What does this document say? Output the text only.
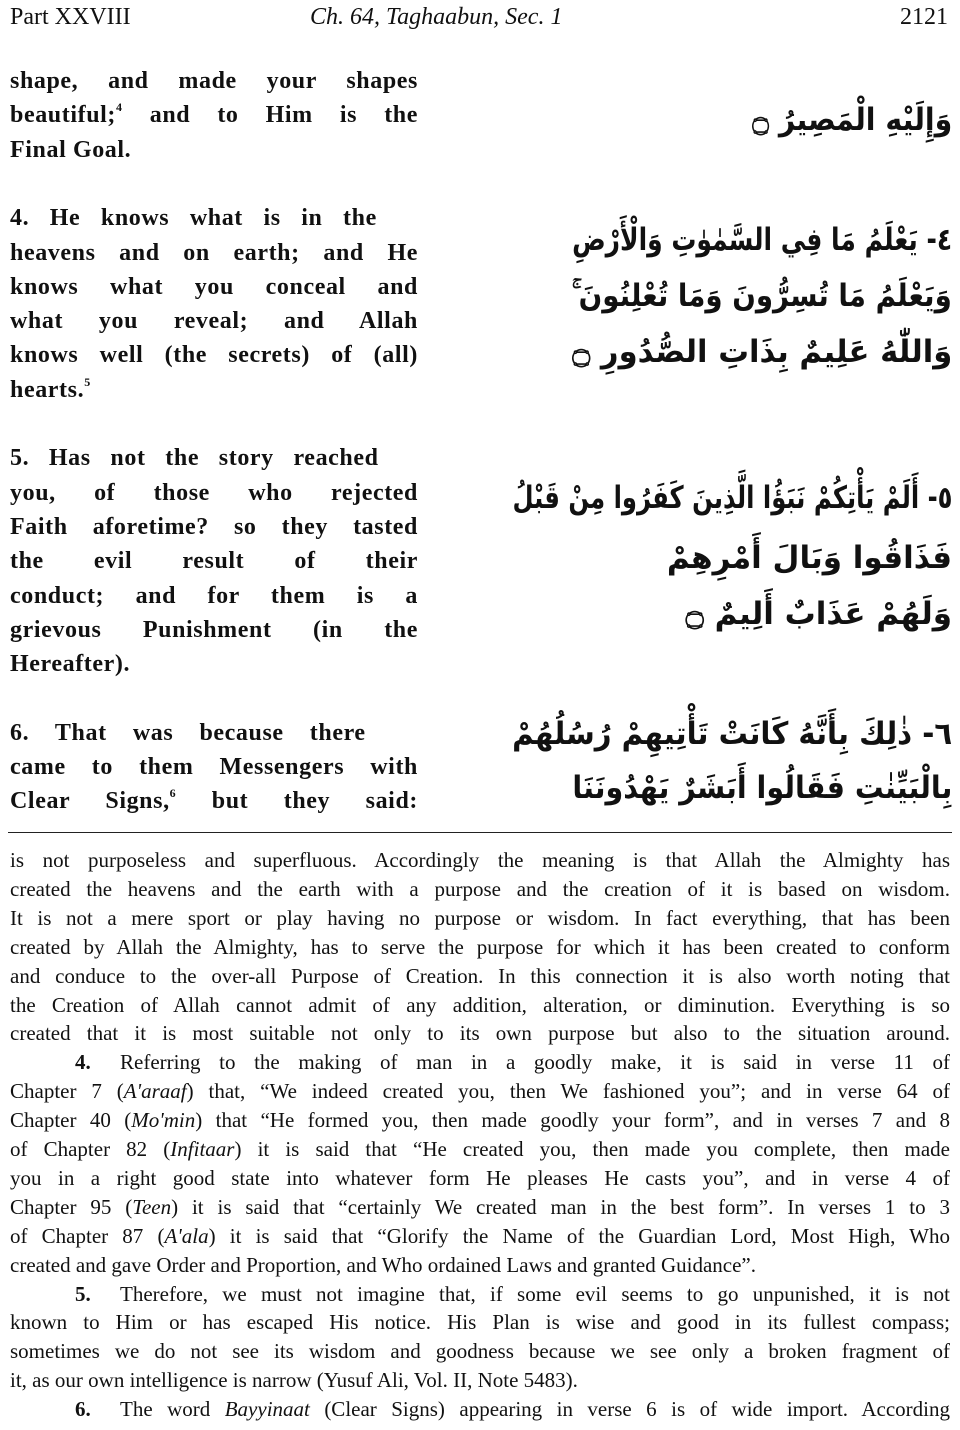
Part XXVIII	Ch. 64, Taghaabun, Sec. 1	2121
shape, and made your shapes
beautiful;$^4$ and to Him is the
Final Goal.
4. He knows what is in the
heavens and on earth; and He
knows what you conceal and
what you reveal; and Allah
knows well (the secrets) of (all)
hearts.$^5$
5. Has not the story reached
you, of those who rejected
Faith aforetime? so they tasted
the evil result of their
conduct; and for them is a
grievous Punishment (in the
Hereafter).
6. That was because there
came to them Messengers with
Clear Signs,$^6$ but they said:
وَإِلَيْهِ الْمَصِيرُ ۝
٤- يَعْلَمُ مَا فِي السَّمٰوٰتِ وَالْأَرْضِ
وَيَعْلَمُ مَا تُسِرُّونَ وَمَا تُعْلِنُونَ ۚ
وَاللّٰهُ عَلِيمٌ بِذَاتِ الصُّدُورِ ۝
٥- أَلَمْ يَأْتِكُمْ نَبَؤُا الَّذِينَ كَفَرُوا مِنْ قَبْلُ
فَذَاقُوا وَبَالَ أَمْرِهِمْ
وَلَهُمْ عَذَابٌ أَلِيمٌ ۝
٦- ذٰلِكَ بِأَنَّهُ كَانَتْ تَأْتِيهِمْ رُسُلُهُمْ
بِالْبَيِّنٰتِ فَقَالُوا أَبَشَرٌ يَهْدُونَنَا
is not purposeless and superfluous. Accordingly the meaning is that Allah the Almighty has
created the heavens and the earth with a purpose and the creation of it is based on wisdom.
It is not a mere sport or play having no purpose or wisdom. In fact everything, that has been
created by Allah the Almighty, has to serve the purpose for which it has been created to conform
and conduce to the over-all Purpose of Creation. In this connection it is also worth noting that
the Creation of Allah cannot admit of any addition, alteration, or diminution. Everything is so
created that it is most suitable not only to its own purpose but also to the situation around.
4. Referring to the making of man in a goodly make, it is said in verse 11 of
Chapter 7 (A'araaf) that, “We indeed created you, then We fashioned you”; and in verse 64 of
Chapter 40 (Mo'min) that “He formed you, then made goodly your form”, and in verses 7 and 8
of Chapter 82 (Infitaar) it is said that “He created you, then made you complete, then made
you in a right good state into whatever form He pleases He casts you”, and in verse 4 of
Chapter 95 (Teen) it is said that “certainly We created man in the best form”. In verses 1 to 3
of Chapter 87 (A'ala) it is said that “Glorify the Name of the Guardian Lord, Most High, Who
created and gave Order and Proportion, and Who ordained Laws and granted Guidance”.
5. Therefore, we must not imagine that, if some evil seems to go unpunished, it is not
known to Him or has escaped His notice. His Plan is wise and good in its fullest compass;
sometimes we do not see its wisdom and goodness because we see only a broken fragment of
it, as our own intelligence is narrow (Yusuf Ali, Vol. II, Note 5483).
6. The word Bayyinaat (Clear Signs) appearing in verse 6 is of wide import. According
